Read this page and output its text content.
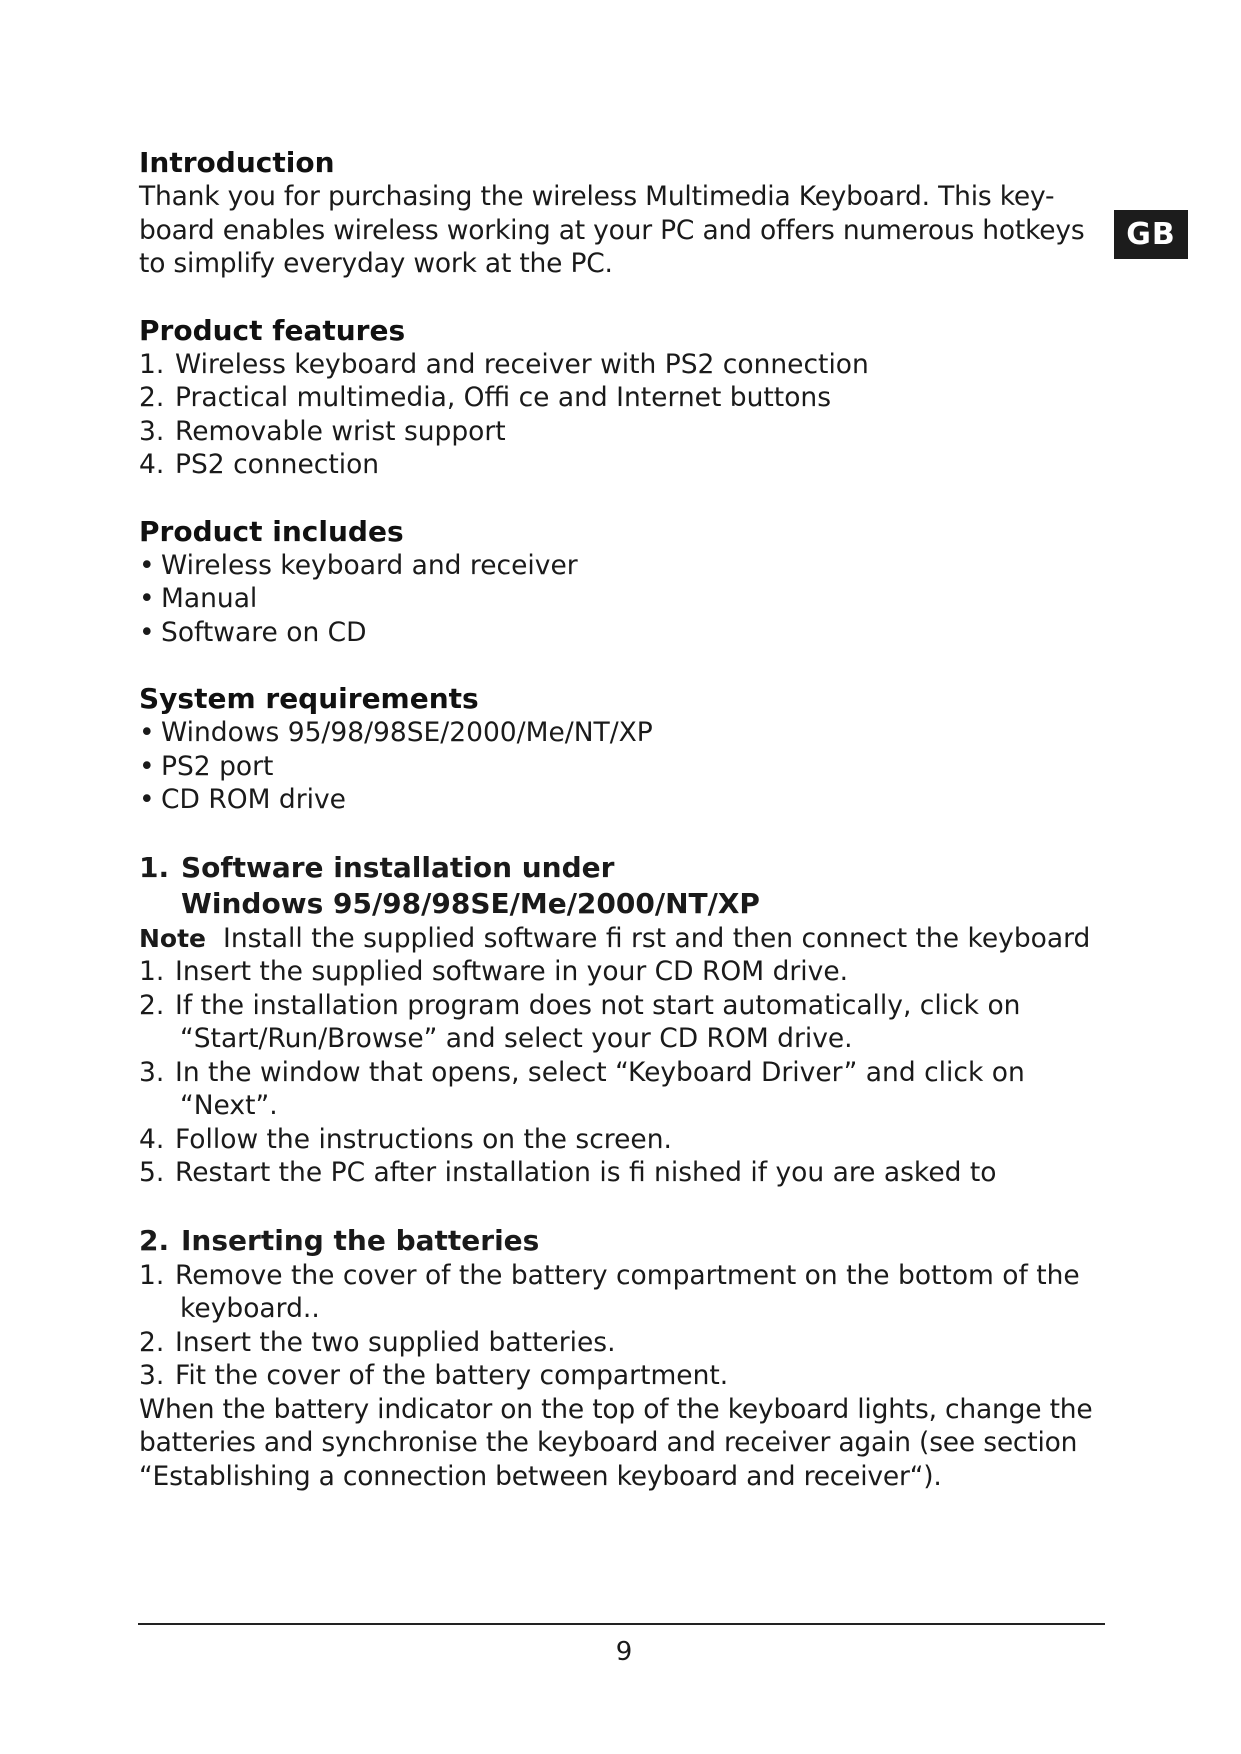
GB
Introduction

Thank you for purchasing the wireless Multimedia Keyboard. This key-

board enables wireless working at your PC and offers numerous hotkeys

to simplify everyday work at the PC.

Product features
1. Wireless keyboard and receiver with PS2 connection
2. Practical multimedia, Offi ce and Internet buttons
3. Removable wrist support
4. PS2 connection
Product includes
• Wireless keyboard and receiver
• Manual
• Software on CD
System requirements
• Windows 95/98/98SE/2000/Me/NT/XP
• PS2 port
• CD ROM drive
1. Software installation under
Windows 95/98/98SE/Me/2000/NT/XP
Note Install the supplied software fi rst and then connect the keyboard
1. Insert the supplied software in your CD ROM drive.
2. If the installation program does not start automatically, click on
“Start/Run/Browse” and select your CD ROM drive.
3. In the window that opens, select “Keyboard Driver” and click on
“Next”.
4. Follow the instructions on the screen.
5. Restart the PC after installation is fi nished if you are asked to
2. Inserting the batteries
1. Remove the cover of the battery compartment on the bottom of the
keyboard..
2. Insert the two supplied batteries.
3. Fit the cover of the battery compartment.

When the battery indicator on the top of the keyboard lights, change the

batteries and synchronise the keyboard and receiver again (see section

“Establishing a connection between keyboard and receiver“).

9
